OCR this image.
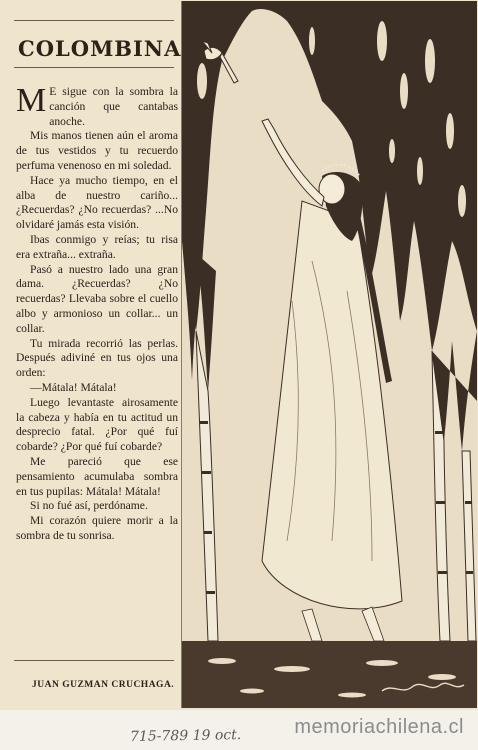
COLOMBINA

M E sigue con la sombra la canción que cantabas anoche.

Mis manos tienen aún el aroma de tus vestidos y tu recuerdo perfuma venenoso en mi soledad.

Hace ya mucho tiempo, en el alba de nuestro cariño... ¿Recuerdas? ¿No recuerdas? ...No olvidaré jamás esta visión.

Ibas conmigo y reías; tu risa era extraña... extraña.

Pasó a nuestro lado una gran dama. ¿Recuerdas? ¿No recuerdas? Llevaba sobre el cuello albo y armonioso un collar... un collar.

Tu mirada recorrió las perlas. Después adiviné en tus ojos una orden:

—Mátala! Mátala!

Luego levantaste airosamente la cabeza y había en tu actitud un desprecio fatal. ¿Por qué fuí cobarde? ¿Por qué fuí cobarde?

Me pareció que ese pensamiento acumulaba sombra en tus pupilas: Mátala! Mátala!

Si no fué así, perdóname.

Mi corazón quiere morir a la sombra de tu sonrisa.

JUAN GUZMAN CRUCHAGA.
715-789 19 oct.	memoriachilena.cl
